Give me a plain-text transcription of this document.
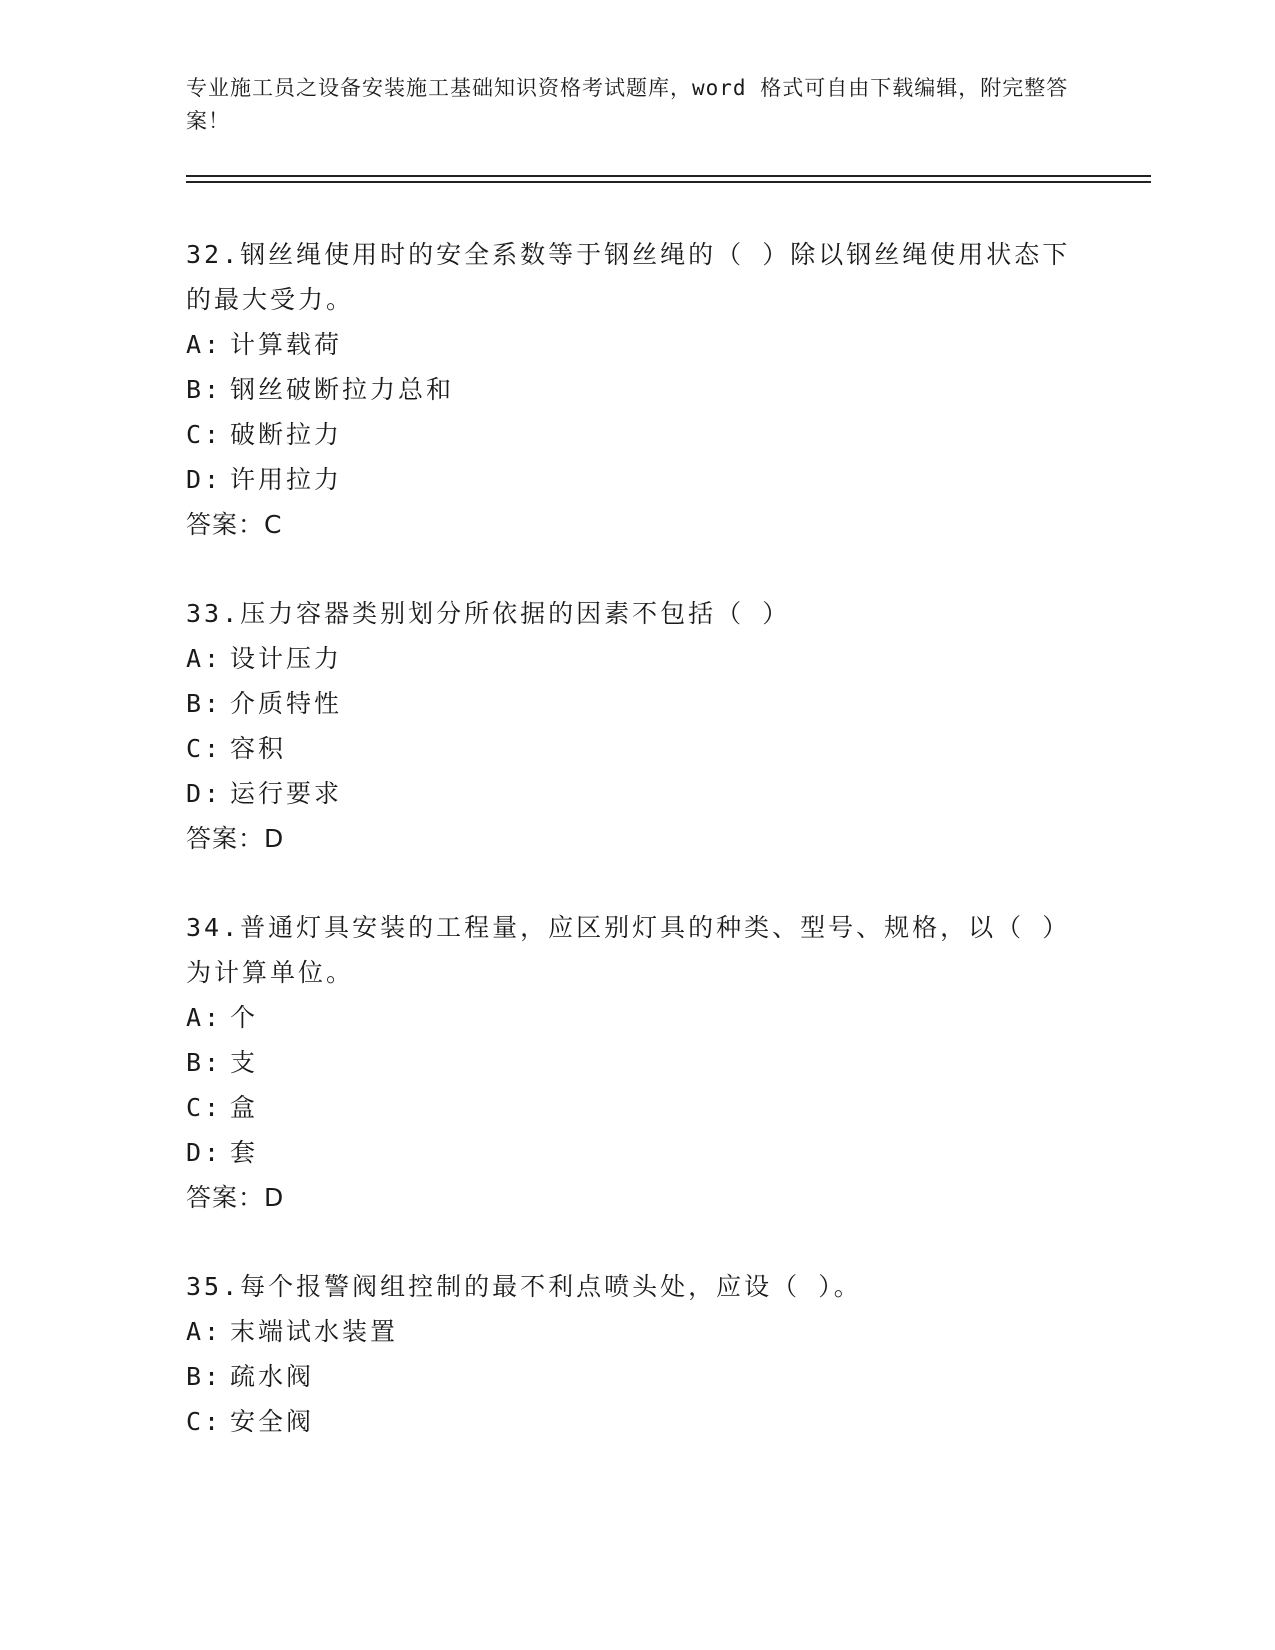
专业施工员之设备安装施工基础知识资格考试题库，word 格式可自由下载编辑，附完整答案！
32.钢丝绳使用时的安全系数等于钢丝绳的（ ）除以钢丝绳使用状态下的最大受力。
A: 计算载荷
B: 钢丝破断拉力总和
C: 破断拉力
D: 许用拉力
答案：C
33.压力容器类别划分所依据的因素不包括（ ）
A: 设计压力
B: 介质特性
C: 容积
D: 运行要求
答案：D
34.普通灯具安装的工程量，应区别灯具的种类、型号、规格，以（ ）为计算单位。
A: 个
B: 支
C: 盒
D: 套
答案：D
35.每个报警阀组控制的最不利点喷头处，应设（ ）。
A: 末端试水装置
B: 疏水阀
C: 安全阀
